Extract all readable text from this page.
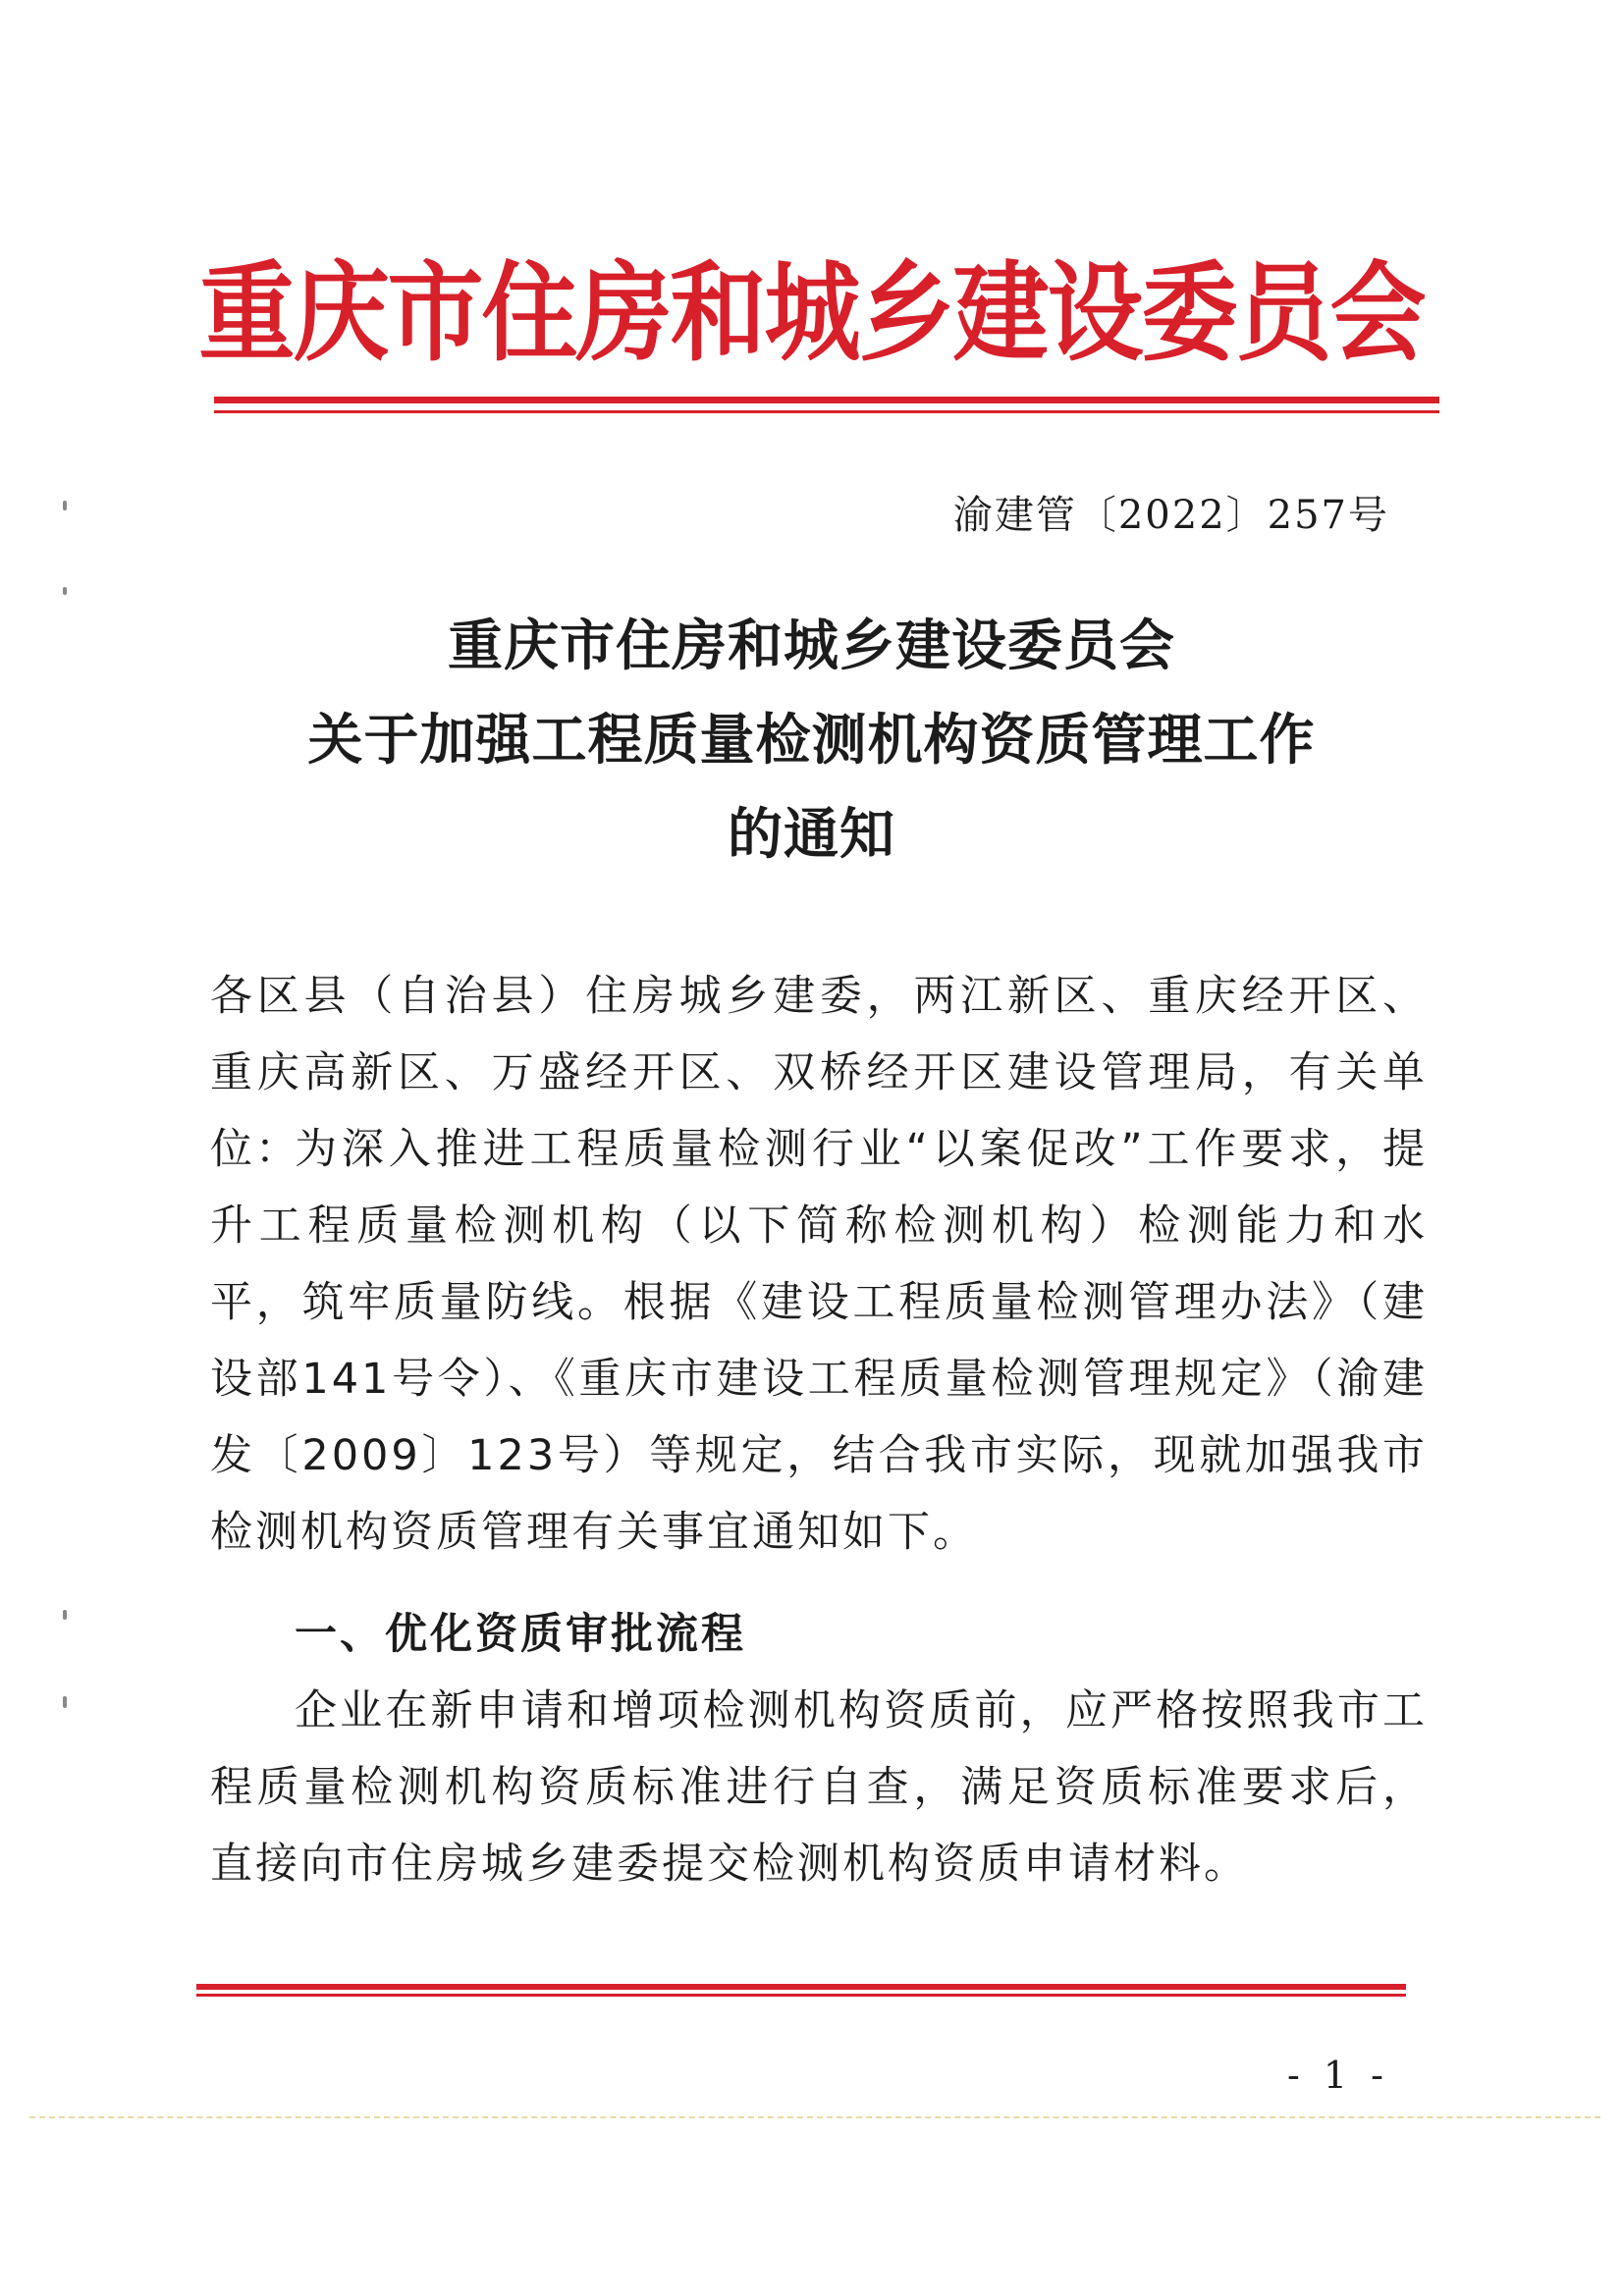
重庆市住房和城乡建设委员会
渝建管〔2022〕257号
重庆市住房和城乡建设委员会
关于加强工程质量检测机构资质管理工作
的通知

各区县（自治县）住房城乡建委，两江新区、重庆经开区、重庆高新区、万盛经开区、双桥经开区建设管理局，有关单位：

为深入推进工程质量检测行业“以案促改”工作要求，提升工程质量检测机构（以下简称检测机构）检测能力和水平，筑牢质量防线。根据《建设工程质量检测管理办法》（建设部141号令）、《重庆市建设工程质量检测管理规定》（渝建发〔2009〕123号）等规定，结合我市实际，现就加强我市检测机构资质管理有关事宜通知如下。

一、优化资质审批流程

企业在新申请和增项检测机构资质前，应严格按照我市工程质量检测机构资质标准进行自查，满足资质标准要求后，直接向市住房城乡建委提交检测机构资质申请材料。

- 1 -
